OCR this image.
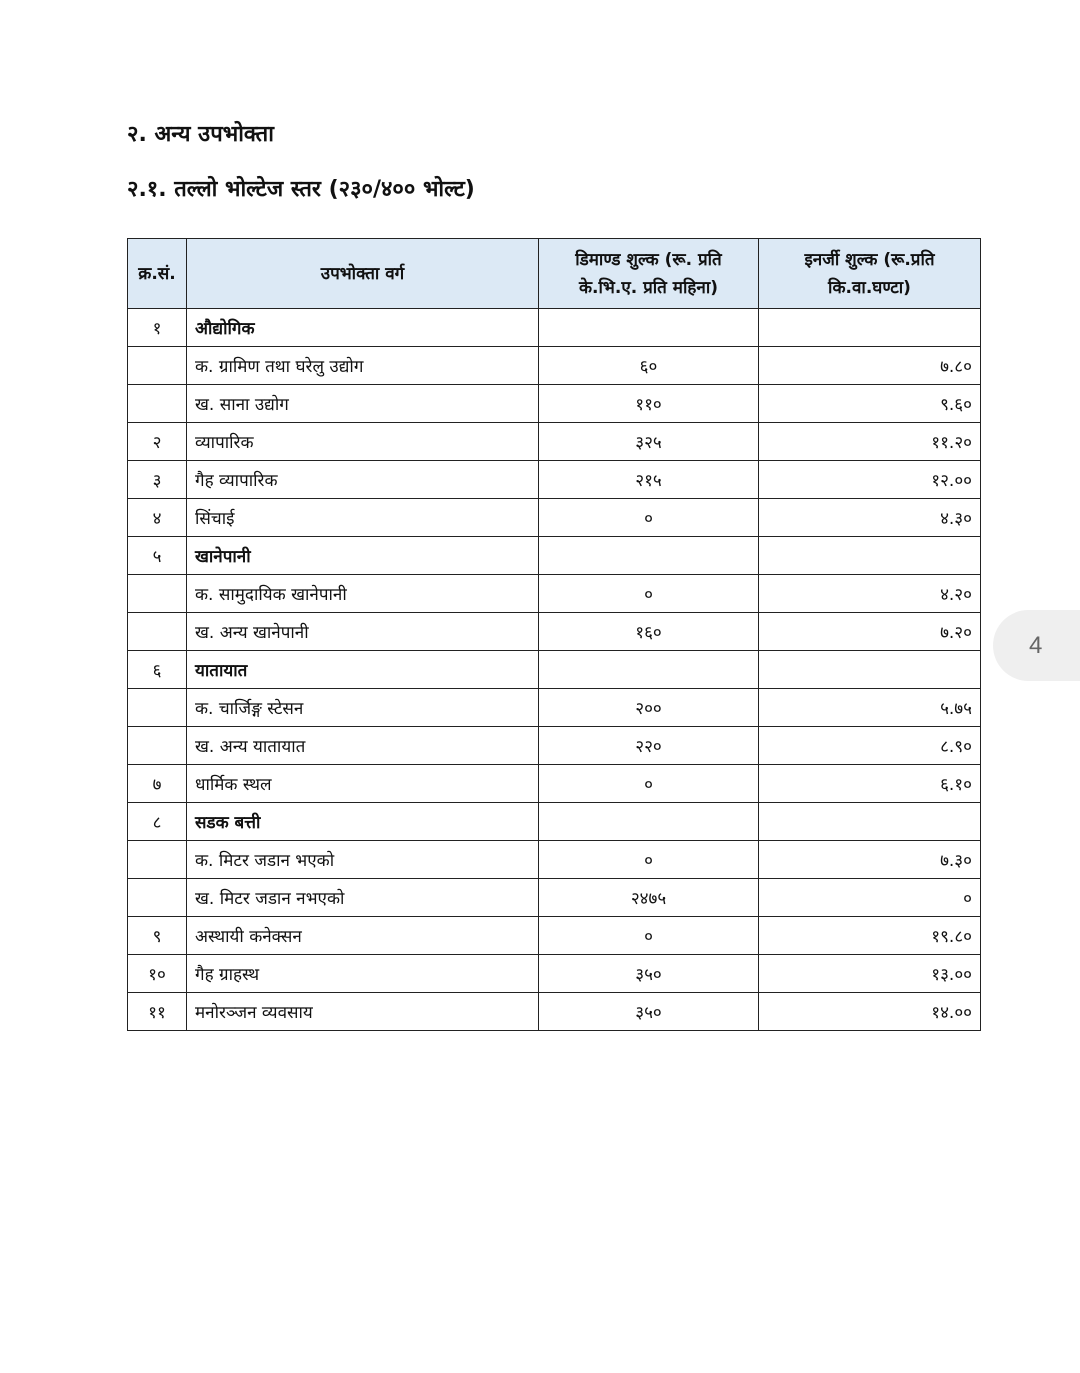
२. अन्य उपभोक्ता
२.१. तल्लो भोल्टेज स्तर (२३०/४०० भोल्ट)
क्र.सं.	उपभोक्ता वर्ग	डिमाण्ड शुल्क (रू. प्रति के.भि.ए. प्रति महिना)	इनर्जी शुल्क (रू.प्रति कि.वा.घण्टा)
१	औद्योगिक		
	क. ग्रामिण तथा घरेलु उद्योग	६०	७.८०
	ख. साना उद्योग	११०	९.६०
२	व्यापारिक	३२५	११.२०
३	गैह व्यापारिक	२१५	१२.००
४	सिंचाई	०	४.३०
५	खानेपानी		
	क. सामुदायिक खानेपानी	०	४.२०
	ख. अन्य खानेपानी	१६०	७.२०
६	यातायात		
	क. चार्जिङ्ग स्टेसन	२००	५.७५
	ख. अन्य यातायात	२२०	८.९०
७	धार्मिक स्थल	०	६.१०
८	सडक बत्ती		
	क. मिटर जडान भएको	०	७.३०
	ख. मिटर जडान नभएको	२४७५	०
९	अस्थायी कनेक्सन	०	१९.८०
१०	गैह ग्राहस्थ	३५०	१३.००
११	मनोरञ्जन व्यवसाय	३५०	१४.००
4
